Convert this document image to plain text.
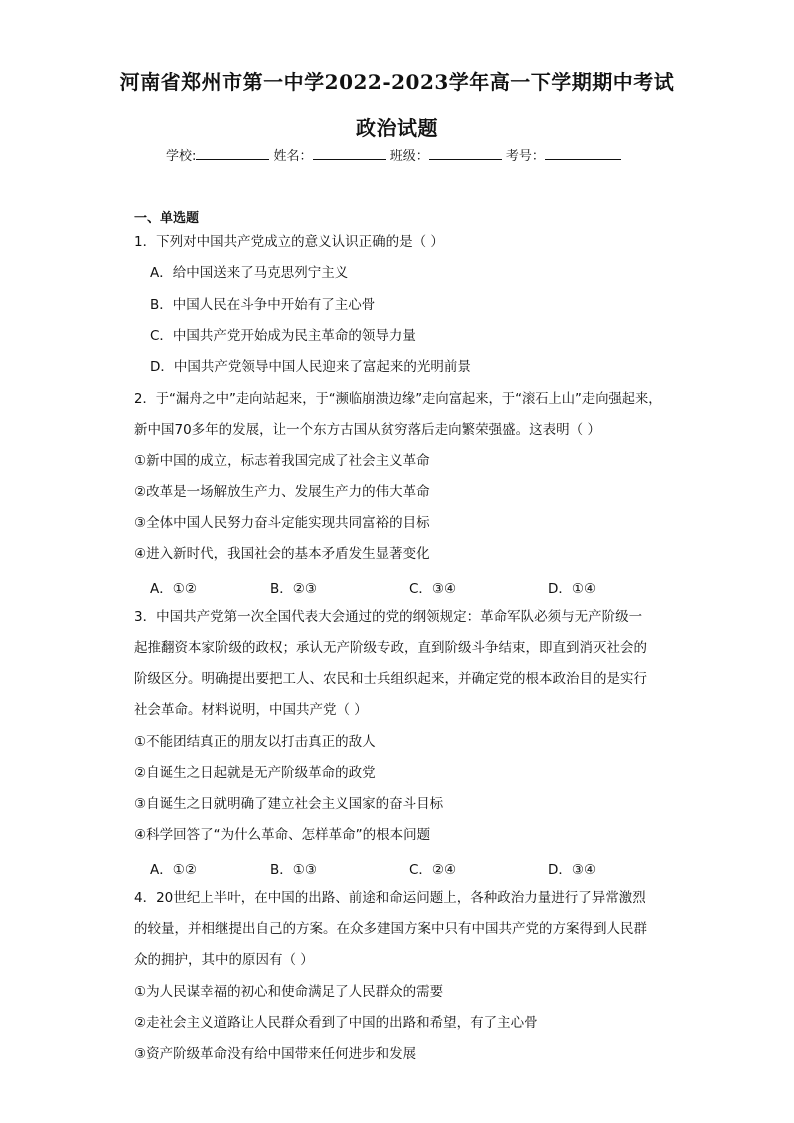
河南省郑州市第一中学2022-2023学年高一下学期期中考试
政治试题
学校:	姓名：	班级：	考号：
一、单选题
1．下列对中国共产党成立的意义认识正确的是（ ）
A．给中国送来了马克思列宁主义
B．中国人民在斗争中开始有了主心骨
C．中国共产党开始成为民主革命的领导力量
D．中国共产党领导中国人民迎来了富起来的光明前景
2．于“漏舟之中”走向站起来，于“濒临崩溃边缘”走向富起来，于“滚石上山”走向强起来，
新中国70多年的发展，让一个东方古国从贫穷落后走向繁荣强盛。这表明（ ）
①新中国的成立，标志着我国完成了社会主义革命
②改革是一场解放生产力、发展生产力的伟大革命
③全体中国人民努力奋斗定能实现共同富裕的目标
④进入新时代，我国社会的基本矛盾发生显著变化
A．①②	B．②③	C．③④	D．①④
3．中国共产党第一次全国代表大会通过的党的纲领规定：革命军队必须与无产阶级一
起推翻资本家阶级的政权；承认无产阶级专政，直到阶级斗争结束，即直到消灭社会的
阶级区分。明确提出要把工人、农民和士兵组织起来，并确定党的根本政治目的是实行
社会革命。材料说明，中国共产党（ ）
①不能团结真正的朋友以打击真正的敌人
②自诞生之日起就是无产阶级革命的政党
③自诞生之日就明确了建立社会主义国家的奋斗目标
④科学回答了“为什么革命、怎样革命”的根本问题
A．①②	B．①③	C．②④	D．③④
4．20世纪上半叶，在中国的出路、前途和命运问题上，各种政治力量进行了异常激烈
的较量，并相继提出自己的方案。在众多建国方案中只有中国共产党的方案得到人民群
众的拥护，其中的原因有（ ）
①为人民谋幸福的初心和使命满足了人民群众的需要
②走社会主义道路让人民群众看到了中国的出路和希望，有了主心骨
③资产阶级革命没有给中国带来任何进步和发展
